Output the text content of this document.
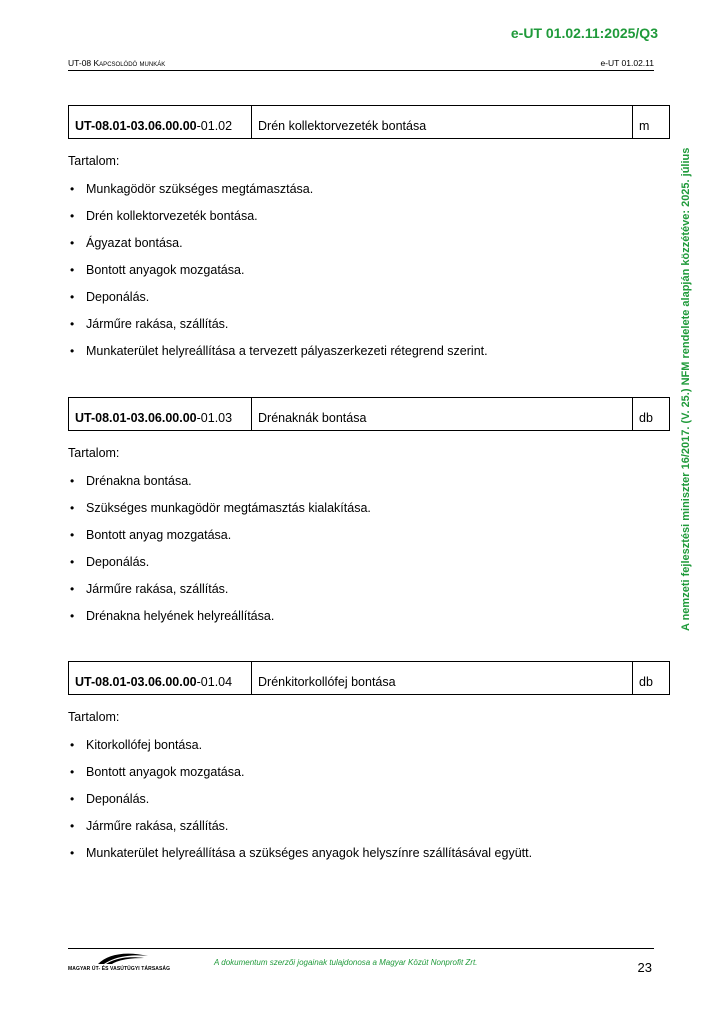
e-UT 01.02.11:2025/Q3
UT-08 Kapcsolódó munkák	e-UT 01.02.11
A nemzeti fejlesztési miniszter 16/2017. (V. 25.) NFM rendelete alapján közzétéve: 2025. július
UT-08.01-03.06.00.00 -01.02	Drén kollektorvezeték bontása	m
Tartalom:
• Munkagödör szükséges megtámasztása.
• Drén kollektorvezeték bontása.
• Ágyazat bontása.
• Bontott anyagok mozgatása.
• Deponálás.
• Járműre rakása, szállítás.
• Munkaterület helyreállítása a tervezett pályaszerkezeti rétegrend szerint.
UT-08.01-03.06.00.00 -01.03	Drénaknák bontása	db
Tartalom:
• Drénakna bontása.
• Szükséges munkagödör megtámasztás kialakítása.
• Bontott anyag mozgatása.
• Deponálás.
• Járműre rakása, szállítás.
• Drénakna helyének helyreállítása.
UT-08.01-03.06.00.00 -01.04	Drénkitorkollófej bontása	db
Tartalom:
• Kitorkollófej bontása.
• Bontott anyagok mozgatása.
• Deponálás.
• Járműre rakása, szállítás.
• Munkaterület helyreállítása a szükséges anyagok helyszínre szállításával együtt.
MAGYAR ÚT- ÉS VASÚTÜGYI TÁRSASÁG
A dokumentum szerzői jogainak tulajdonosa a Magyar Közút Nonprofit Zrt.	23
